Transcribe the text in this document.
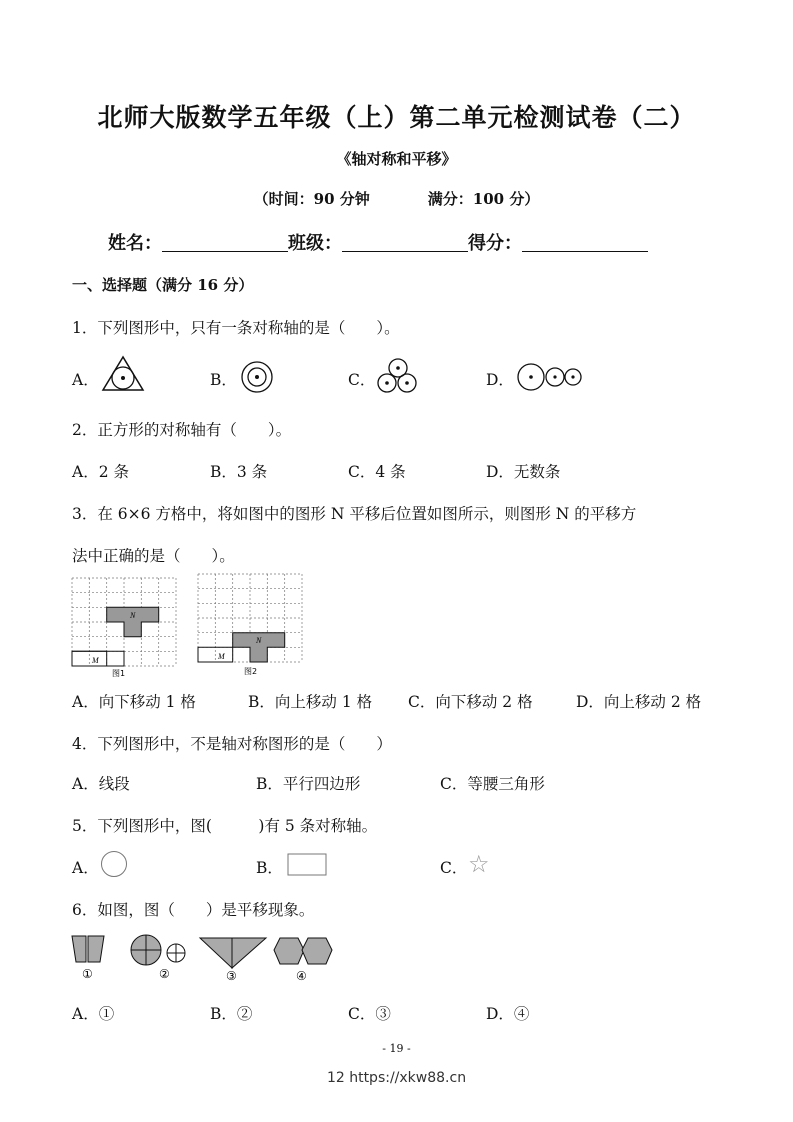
北师大版数学五年级（上）第二单元检测试卷（二）
《轴对称和平移》
（时间：90 分钟	满分：100 分）
姓名：	班级：	得分：
一、选择题（满分 16 分）
1．下列图形中，只有一条对称轴的是（　　）。
A．	B．	C．	D．
2．正方形的对称轴有（　　）。
A．2 条	B．3 条	C．4 条	D．无数条
3．在 6×6 方格中，将如图中的图形 N 平移后位置如图所示，则图形 N 的平移方
法中正确的是（　　）。
N
M
图1
N
M
图2
A．向下移动 1 格	B．向上移动 1 格 C．向下移动 2 格	D．向上移动 2 格
4．下列图形中，不是轴对称图形的是（　　）
A．线段	B．平行四边形	C．等腰三角形
5．下列图形中，图(　　　)有 5 条对称轴。
A．	B．	C． ☆
6．如图，图（　　）是平移现象。
①	②	③	④
A．①	B．②	C．③	D．④
- 19 -
12 https://xkw88.cn
